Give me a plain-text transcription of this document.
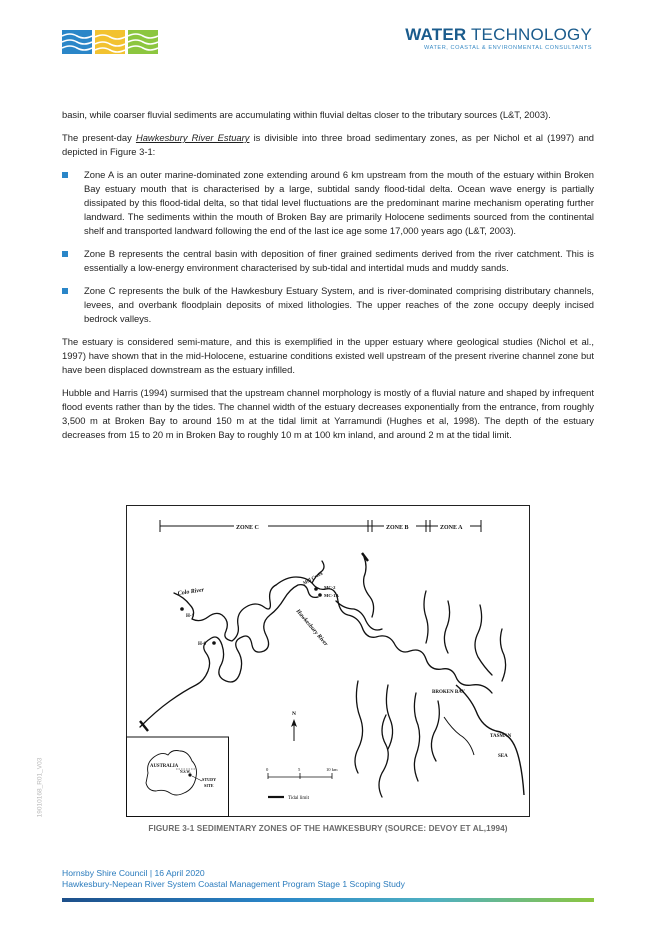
WATER TECHNOLOGY
WATER, COASTAL & ENVIRONMENTAL CONSULTANTS

basin, while coarser fluvial sediments are accumulating within fluvial deltas closer to the tributary sources (L&T, 2003).

The present-day Hawkesbury River Estuary is divisible into three broad sedimentary zones, as per Nichol et al (1997) and depicted in Figure 3-1:

Zone A is an outer marine-dominated zone extending around 6 km upstream from the mouth of the estuary within Broken Bay estuary mouth that is characterised by a large, subtidal sandy flood-tidal delta. Ocean wave energy is partially dissipated by this flood-tidal delta, so that tidal level fluctuations are the predominant marine mechanism operating further landward. The sediments within the mouth of Broken Bay are primarily Holocene sediments sourced from the continental shelf and transported landward following the end of the last ice age some 17,000 years ago (L&T, 2003).
Zone B represents the central basin with deposition of finer grained sediments derived from the river catchment. This is essentially a low-energy environment characterised by sub-tidal and intertidal muds and muddy sands.
Zone C represents the bulk of the Hawkesbury Estuary System, and is river-dominated comprising distributary channels, levees, and overbank floodplain deposits of mixed lithologies. The upper reaches of the zone occupy deeply incised bedrock valleys.

The estuary is considered semi-mature, and this is exemplified in the upper estuary where geological studies (Nichol et al., 1997) have shown that in the mid-Holocene, estuarine conditions existed well upstream of the present riverine channel zone but have been displaced downstream as the estuary infilled.

Hubble and Harris (1994) surmised that the upstream channel morphology is mostly of a fluvial nature and shaped by infrequent flood events rather than by the tides. The channel width of the estuary decreases exponentially from the entrance, from roughly 3,500 m at Broken Bay to around 150 m at the tidal limit at Yarramundi (Hughes et al, 1998). The depth of the estuary decreases from 15 to 20 m in Broken Bay to roughly 10 m at 100 km inland, and around 2 m at the tidal limit.

ZONE C	ZONE B	ZONE A
Colo River
H-1
H-6
Mill Creek
MC-2
MC-1A
Hawkesbury River
BROKEN BAY
TASMAN
SEA
N
0	5	10 km
Tidal limit
AUSTRALIA
N.S.W.
STUDY
SITE
FIGURE 3-1 SEDIMENTARY ZONES OF THE HAWKESBURY (SOURCE: DEVOY ET AL,1994)
19010168_R01_V03
Hornsby Shire Council | 16 April 2020
Hawkesbury-Nepean River System Coastal Management Program Stage 1 Scoping Study
